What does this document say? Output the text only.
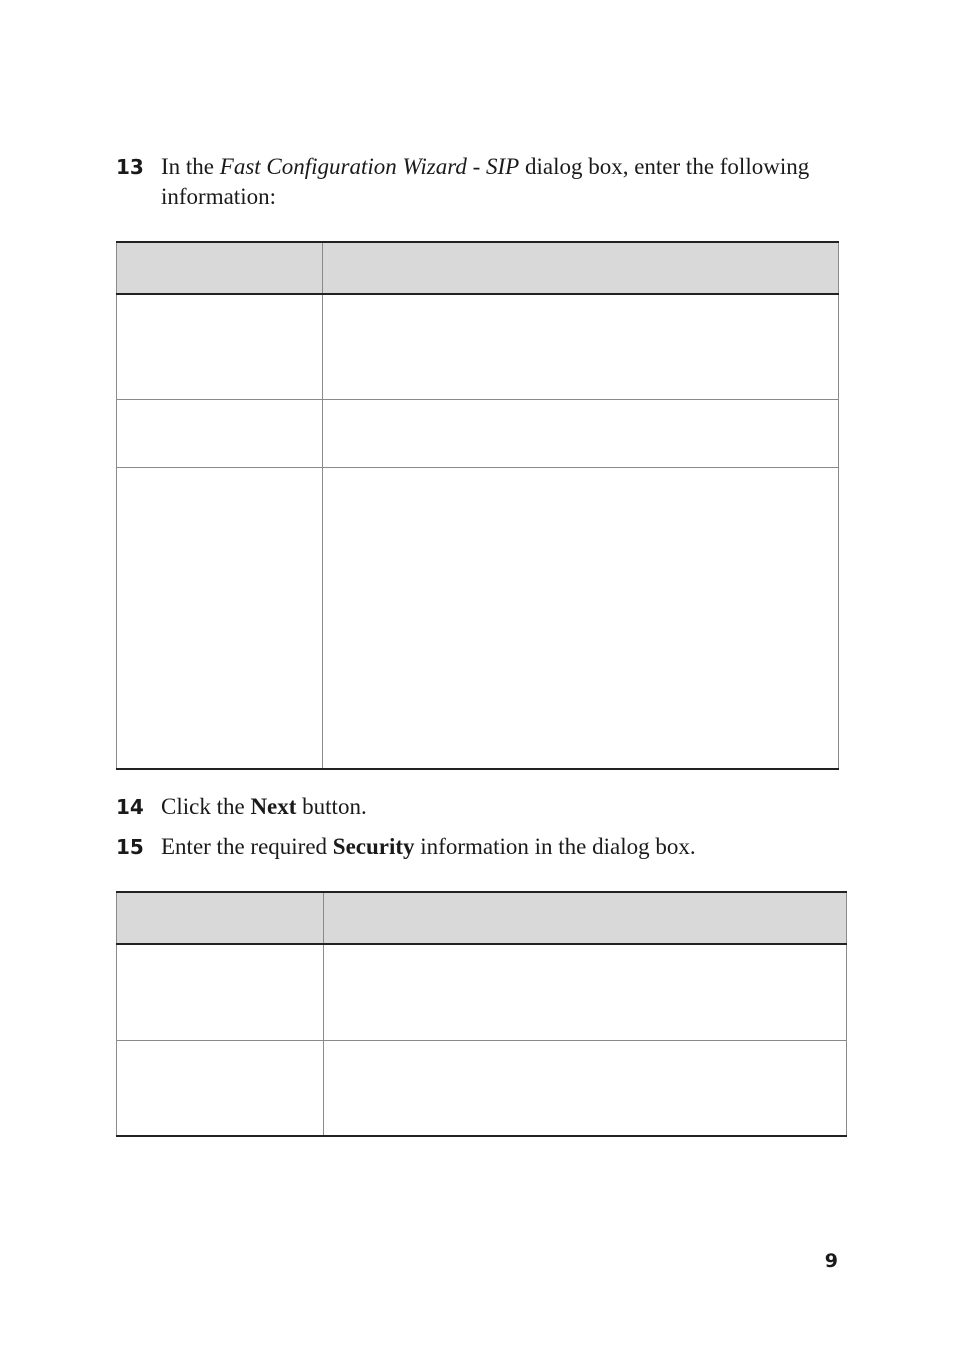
13 In the Fast Configuration Wizard - SIP dialog box, enter the following information:

14 Click the Next button.
15 Enter the required Security information in the dialog box.

9
